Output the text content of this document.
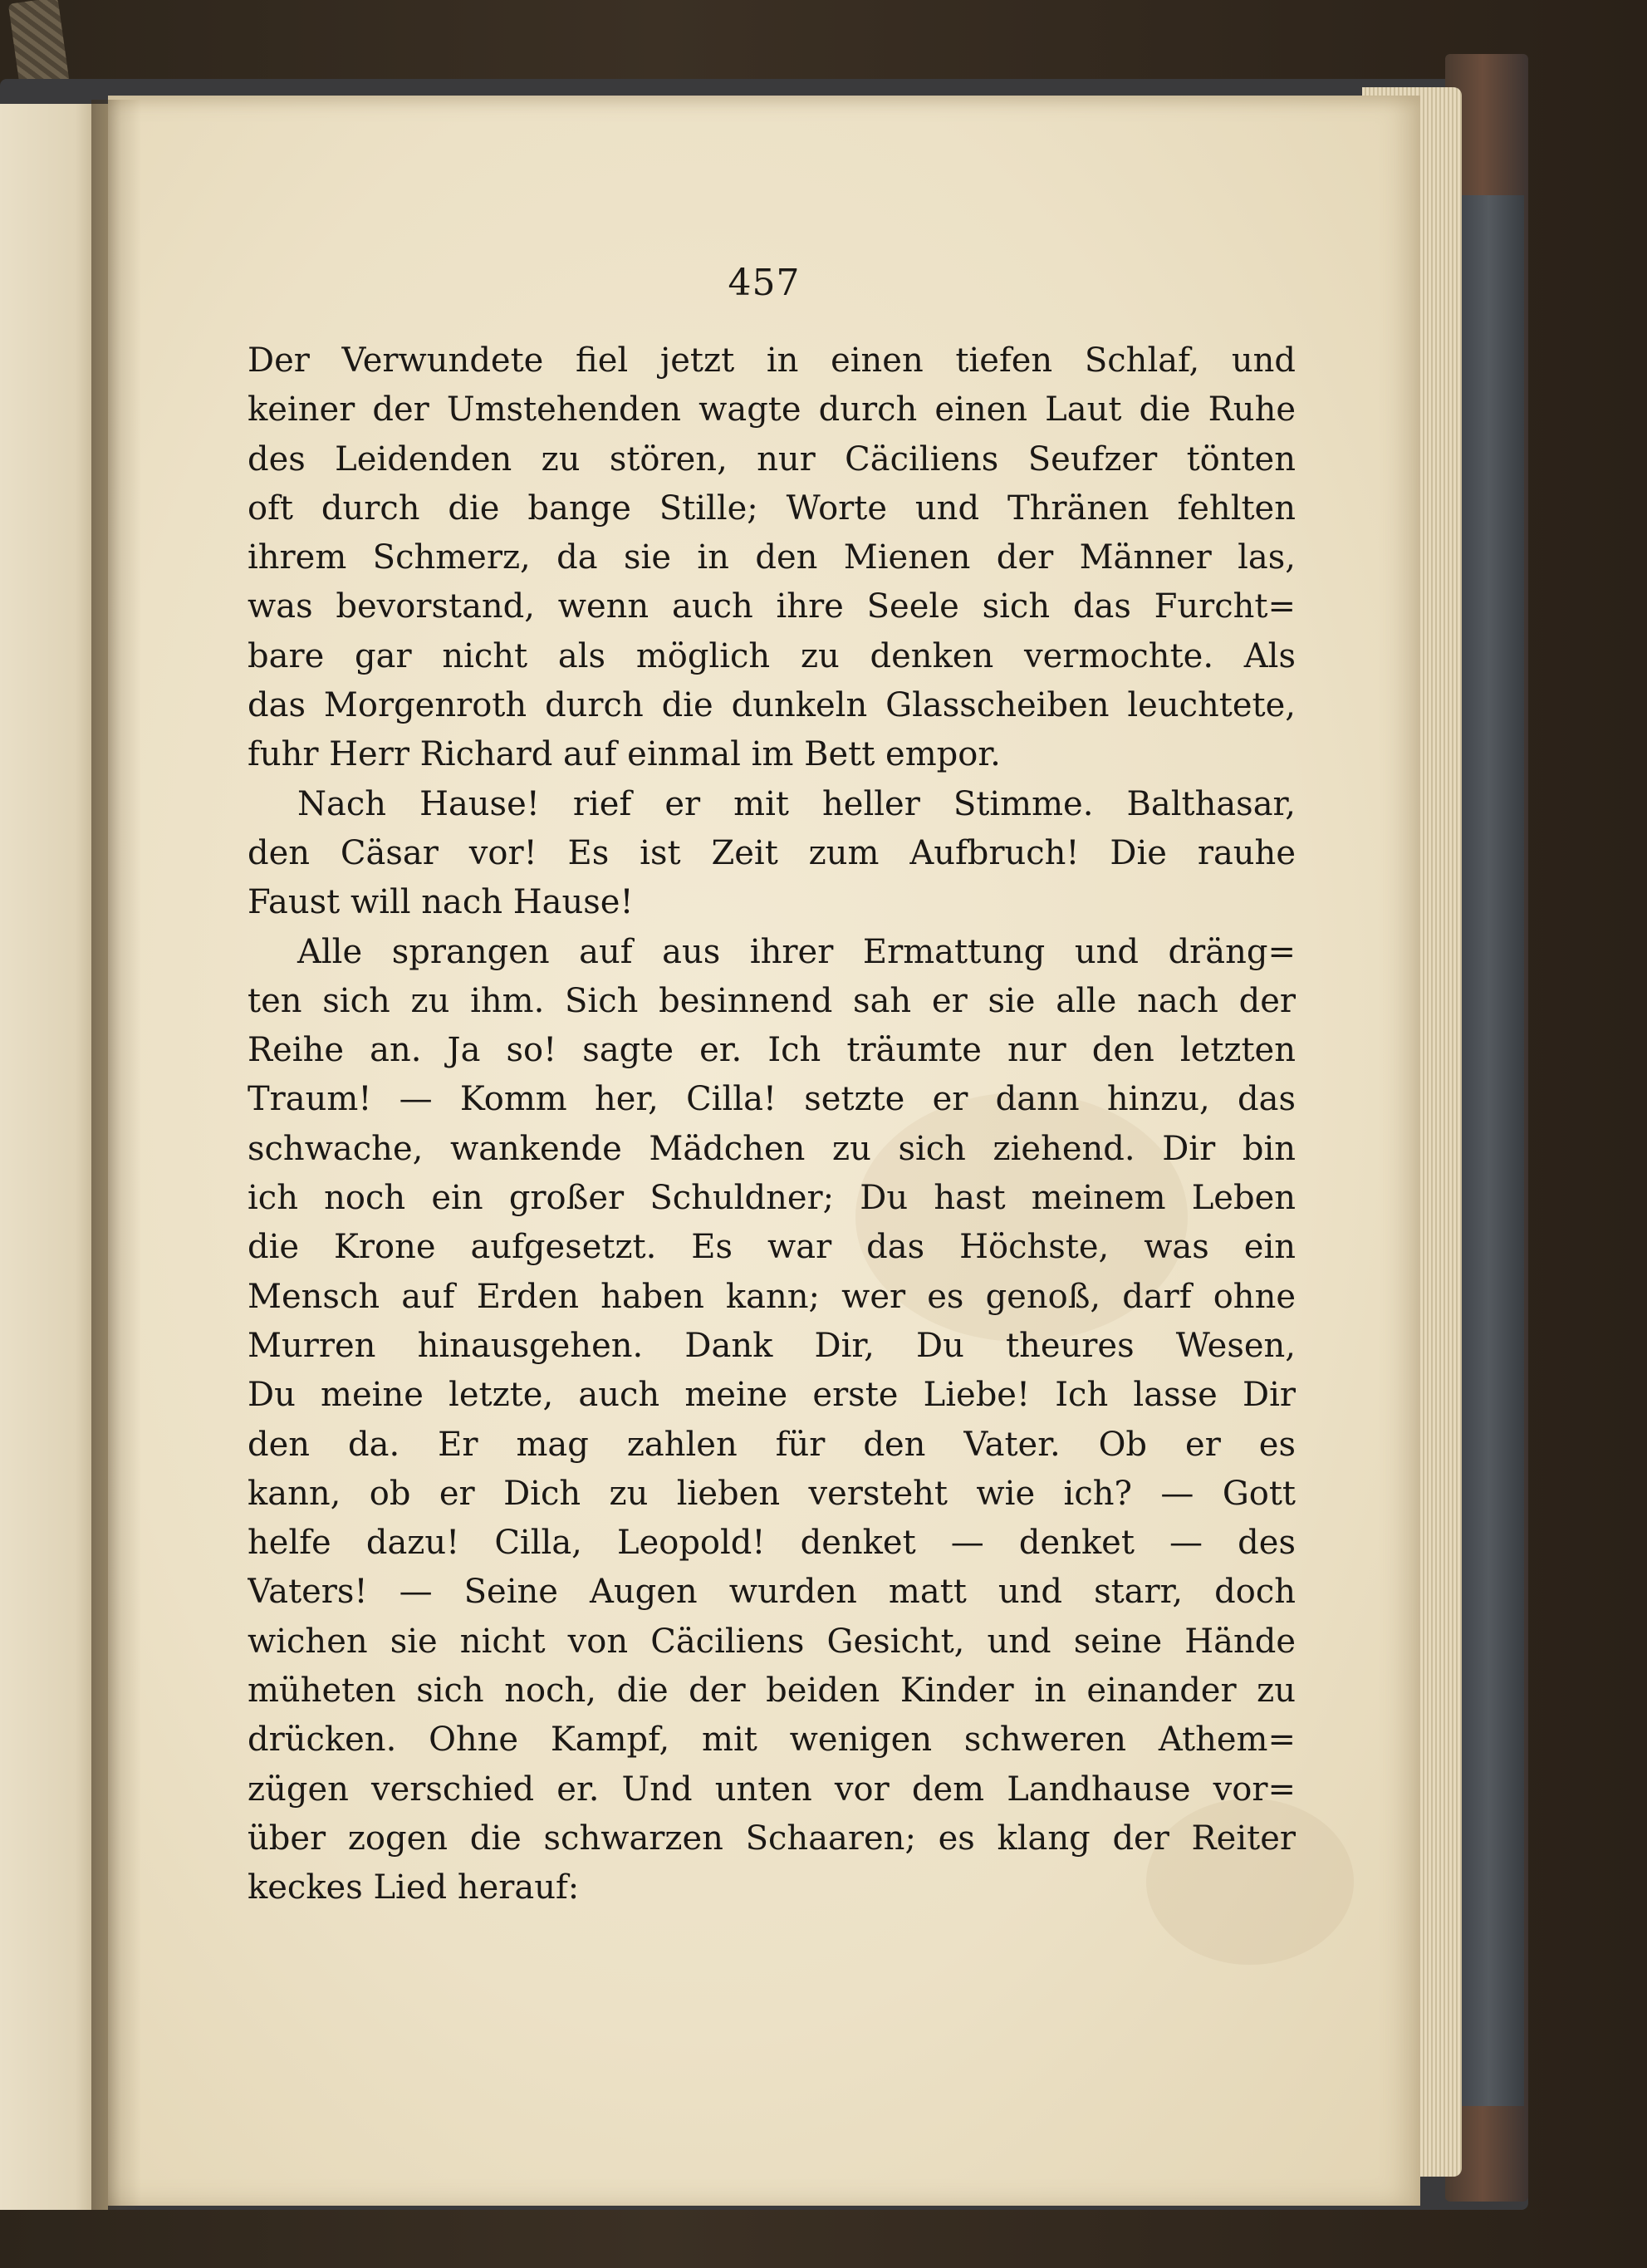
457
Der Verwundete fiel jetzt in einen tiefen Schlaf, und
keiner der Umstehenden wagte durch einen Laut die Ruhe
des Leidenden zu stören, nur Cäciliens Seufzer tönten
oft durch die bange Stille; Worte und Thränen fehlten
ihrem Schmerz, da sie in den Mienen der Männer las,
was bevorstand, wenn auch ihre Seele sich das Furcht=
bare gar nicht als möglich zu denken vermochte. Als
das Morgenroth durch die dunkeln Glasscheiben leuchtete,
fuhr Herr Richard auf einmal im Bett empor.
Nach Hause! rief er mit heller Stimme. Balthasar,
den Cäsar vor! Es ist Zeit zum Aufbruch! Die rauhe
Faust will nach Hause!
Alle sprangen auf aus ihrer Ermattung und dräng=
ten sich zu ihm. Sich besinnend sah er sie alle nach der
Reihe an. Ja so! sagte er. Ich träumte nur den letzten
Traum! — Komm her, Cilla! setzte er dann hinzu, das
schwache, wankende Mädchen zu sich ziehend. Dir bin
ich noch ein großer Schuldner; Du hast meinem Leben
die Krone aufgesetzt. Es war das Höchste, was ein
Mensch auf Erden haben kann; wer es genoß, darf ohne
Murren hinausgehen. Dank Dir, Du theures Wesen,
Du meine letzte, auch meine erste Liebe! Ich lasse Dir
den da. Er mag zahlen für den Vater. Ob er es
kann, ob er Dich zu lieben versteht wie ich? — Gott
helfe dazu! Cilla, Leopold! denket — denket — des
Vaters! — Seine Augen wurden matt und starr, doch
wichen sie nicht von Cäciliens Gesicht, und seine Hände
müheten sich noch, die der beiden Kinder in einander zu
drücken. Ohne Kampf, mit wenigen schweren Athem=
zügen verschied er. Und unten vor dem Landhause vor=
über zogen die schwarzen Schaaren; es klang der Reiter
keckes Lied herauf:
